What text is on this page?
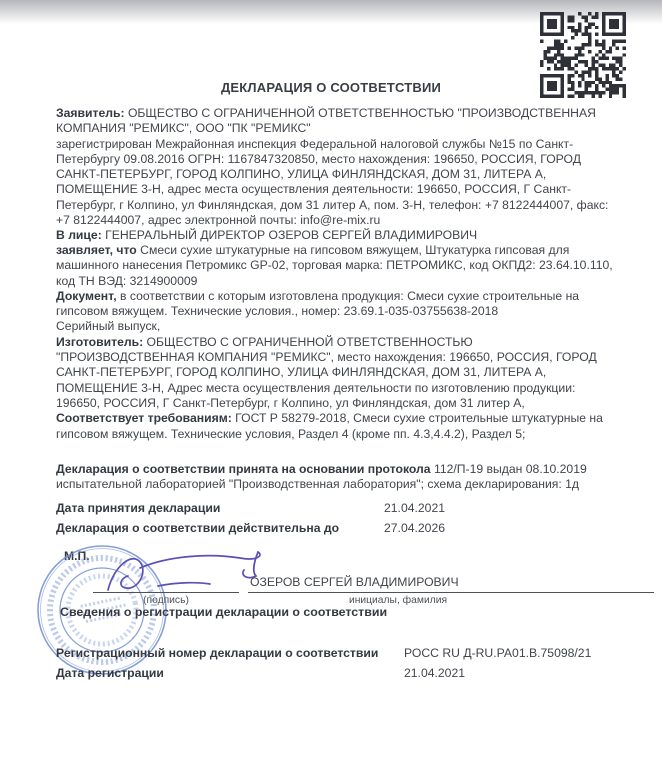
ДЕКЛАРАЦИЯ О СООТВЕТСТВИИ
Заявитель: ОБЩЕСТВО С ОГРАНИЧЕННОЙ ОТВЕТСТВЕННОСТЬЮ "ПРОИЗВОДСТВЕННАЯ КОМПАНИЯ "РЕМИКС", ООО "ПК "РЕМИКС"
зарегистрирован Межрайонная инспекция Федеральной налоговой службы №15 по Санкт-Петербургу 09.08.2016 ОГРН: 1167847320850, место нахождения: 196650, РОССИЯ, ГОРОД САНКТ-ПЕТЕРБУРГ, ГОРОД КОЛПИНО, УЛИЦА ФИНЛЯНДСКАЯ, ДОМ 31, ЛИТЕРА А, ПОМЕЩЕНИЕ 3-Н, адрес места осуществления деятельности: 196650, РОССИЯ, Г Санкт-Петербург, г Колпино, ул Финляндская, дом 31 литер А, пом. 3-Н, телефон: +7 8122444007, факс: +7 8122444007, адрес электронной почты: info@re-mix.ru
В лице: ГЕНЕРАЛЬНЫЙ ДИРЕКТОР ОЗЕРОВ СЕРГЕЙ ВЛАДИМИРОВИЧ
заявляет, что Смеси сухие штукатурные на гипсовом вяжущем, Штукатурка гипсовая для машинного нанесения Петромикс GP-02, торговая марка: ПЕТРОМИКС, код ОКПД2: 23.64.10.110, код ТН ВЭД: 3214900009
Документ, в соответствии с которым изготовлена продукция: Смеси сухие строительные на гипсовом вяжущем. Технические условия., номер: 23.69.1-035-03755638-2018
Серийный выпуск,
Изготовитель: ОБЩЕСТВО С ОГРАНИЧЕННОЙ ОТВЕТСТВЕННОСТЬЮ "ПРОИЗВОДСТВЕННАЯ КОМПАНИЯ "РЕМИКС", место нахождения: 196650, РОССИЯ, ГОРОД САНКТ-ПЕТЕРБУРГ, ГОРОД КОЛПИНО, УЛИЦА ФИНЛЯНДСКАЯ, ДОМ 31, ЛИТЕРА А, ПОМЕЩЕНИЕ 3-Н, Адрес места осуществления деятельности по изготовлению продукции: 196650, РОССИЯ, Г Санкт-Петербург, г Колпино, ул Финляндская, дом 31 литер А,
Соответствует требованиям: ГОСТ Р 58279-2018, Смеси сухие строительные штукатурные на гипсовом вяжущем. Технические условия, Раздел 4 (кроме пп. 4.3,4.4.2), Раздел 5;
Декларация о соответствии принята на основании протокола 112/П-19 выдан 08.10.2019 испытательной лабораторией "Производственная лаборатория"; схема декларирования: 1д
Дата принятия декларации	21.04.2021
Декларация о соответствии действительна до	27.04.2026
М.П.
ОЗЕРОВ СЕРГЕЙ ВЛАДИМИРОВИЧ
(подпись)	инициалы, фамилия
Сведения о регистрации декларации о соответствии
Регистрационный номер декларации о соответствии	РОСС RU Д-RU.РА01.В.75098/21
Дата регистрации	21.04.2021
